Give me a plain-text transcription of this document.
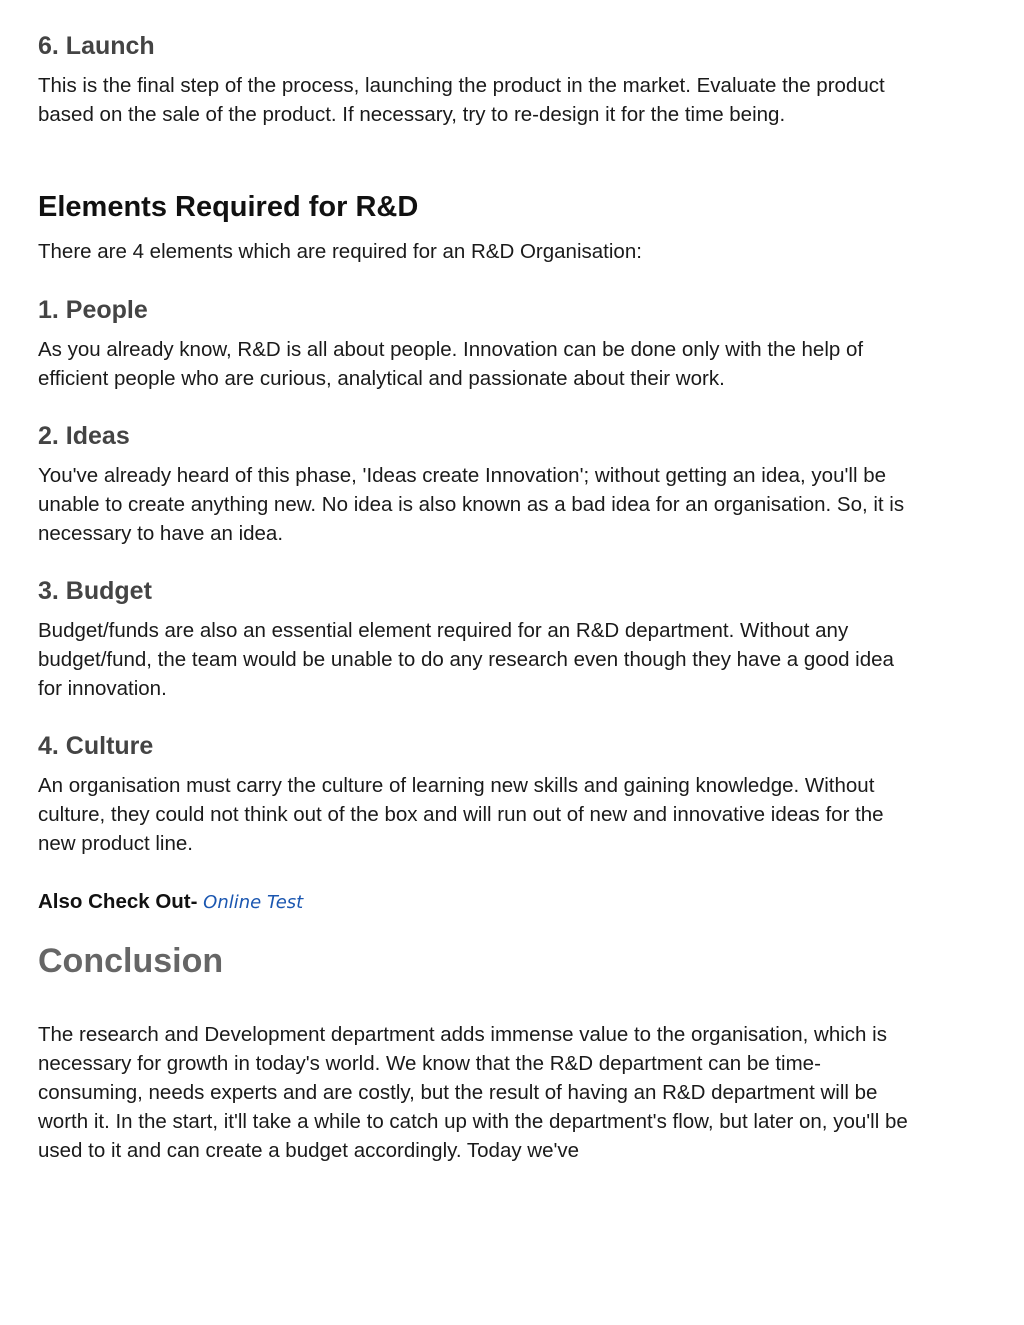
6. Launch

This is the final step of the process, launching the product in the market. Evaluate the product based on the sale of the product. If necessary, try to re-design it for the time being.

Elements Required for R&D

There are 4 elements which are required for an R&D Organisation:

1. People

As you already know, R&D is all about people. Innovation can be done only with the help of efficient people who are curious, analytical and passionate about their work.

2. Ideas

You've already heard of this phase, 'Ideas create Innovation'; without getting an idea, you'll be unable to create anything new. No idea is also known as a bad idea for an organisation. So, it is necessary to have an idea.

3. Budget

Budget/funds are also an essential element required for an R&D department. Without any budget/fund, the team would be unable to do any research even though they have a good idea for innovation.

4. Culture

An organisation must carry the culture of learning new skills and gaining knowledge. Without culture, they could not think out of the box and will run out of new and innovative ideas for the new product line.

Also Check Out- Online Test

Conclusion

The research and Development department adds immense value to the organisation, which is necessary for growth in today's world. We know that the R&D department can be time-consuming, needs experts and are costly, but the result of having an R&D department will be worth it. In the start, it'll take a while to catch up with the department's flow, but later on, you'll be used to it and can create a budget accordingly. Today we've
